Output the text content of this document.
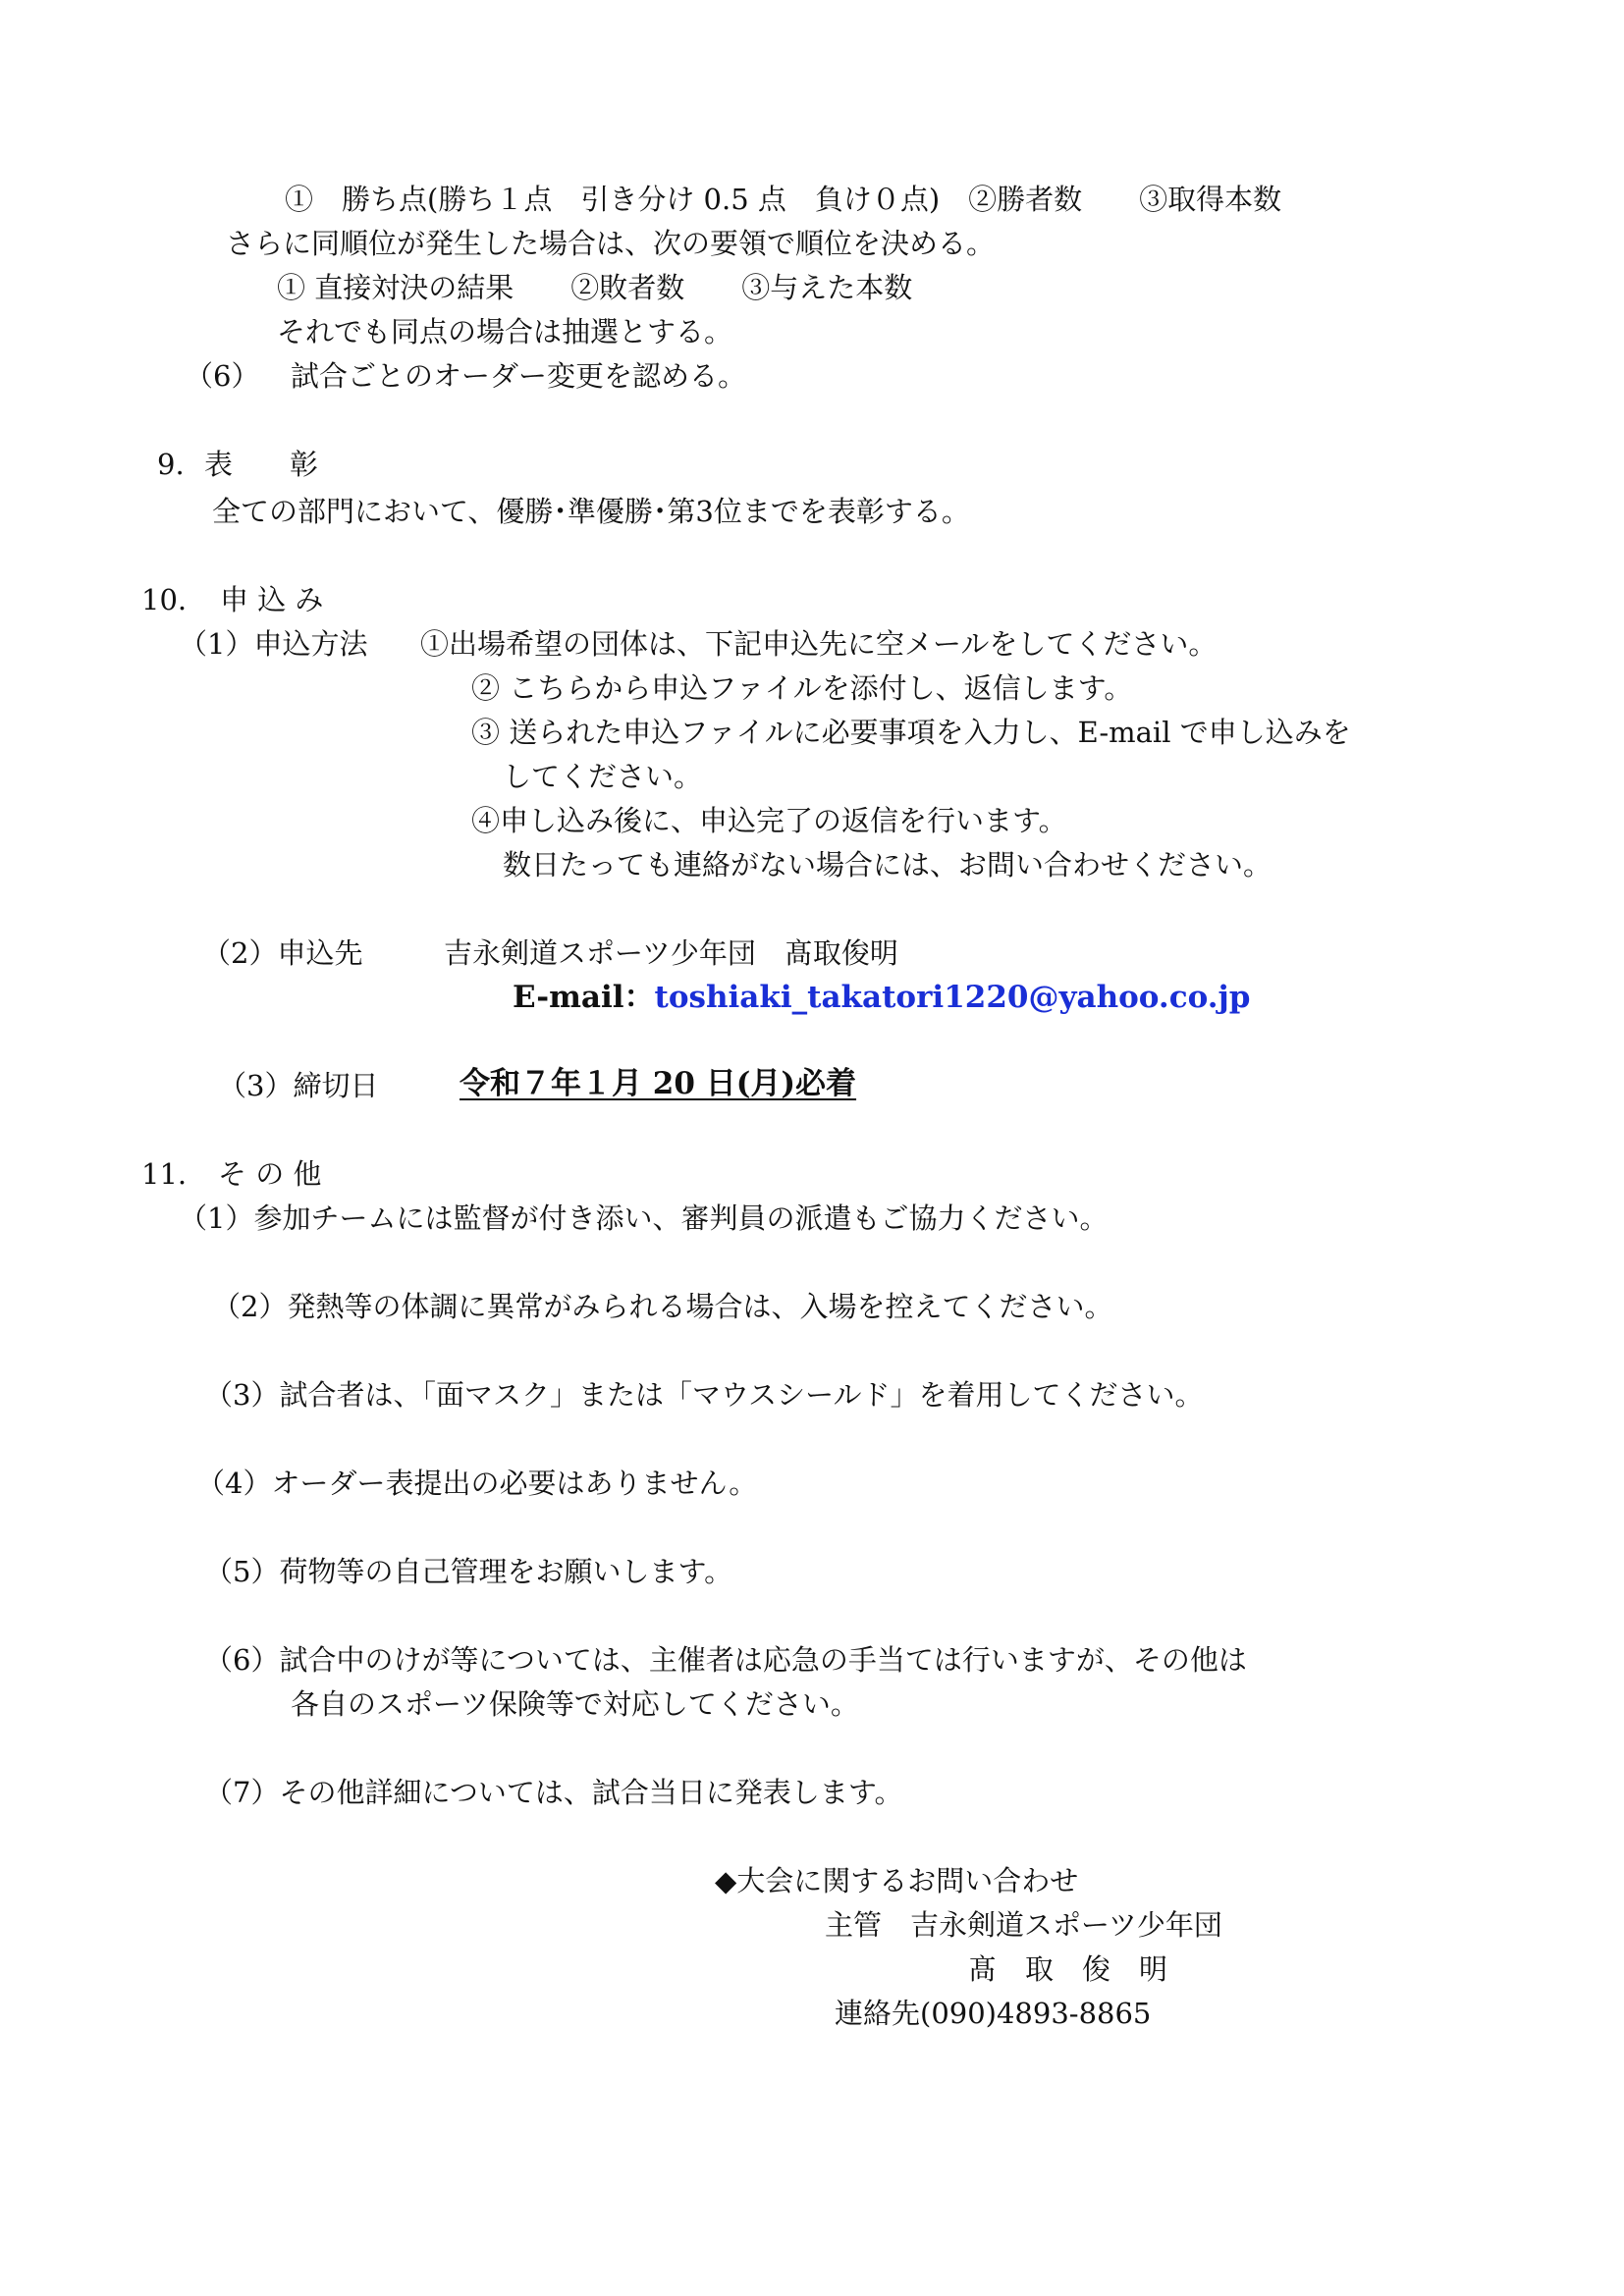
①　勝ち点(勝ち１点　引き分け 0.5 点　負け０点)　②勝者数　　③取得本数
さらに同順位が発生した場合は、次の要領で順位を決める。
① 直接対決の結果　　②敗者数　　③与えた本数
それでも同点の場合は抽選とする。
（6） 試合ごとのオーダー変更を認める。
9. 表　　彰
全ての部門において、優勝･準優勝･第3位までを表彰する。
10. 申 込 み
（1）申込方法 ①出場希望の団体は、下記申込先に空メールをしてください。
② こちらから申込ファイルを添付し、返信します。
③ 送られた申込ファイルに必要事項を入力し、E-mail で申し込みを
してください。
④申し込み後に、申込完了の返信を行います。
数日たっても連絡がない場合には、お問い合わせください。
（2）申込先	吉永剣道スポーツ少年団　髙取俊明
E-mail：toshiaki_takatori1220@yahoo.co.jp
（3）締切日	令和７年１月 20 日(月)必着
11. そ の 他
（1）参加チームには監督が付き添い、審判員の派遣もご協力ください。
（2）発熱等の体調に異常がみられる場合は、入場を控えてください。
（3）試合者は、「面マスク」または「マウスシールド」を着用してください。
（4）オーダー表提出の必要はありません。
（5）荷物等の自己管理をお願いします。
（6）試合中のけが等については、主催者は応急の手当ては行いますが、その他は
各自のスポーツ保険等で対応してください。
（7）その他詳細については、試合当日に発表します。
◆大会に関するお問い合わせ
主管　吉永剣道スポーツ少年団
髙　取　俊　明
連絡先(090)4893-8865
